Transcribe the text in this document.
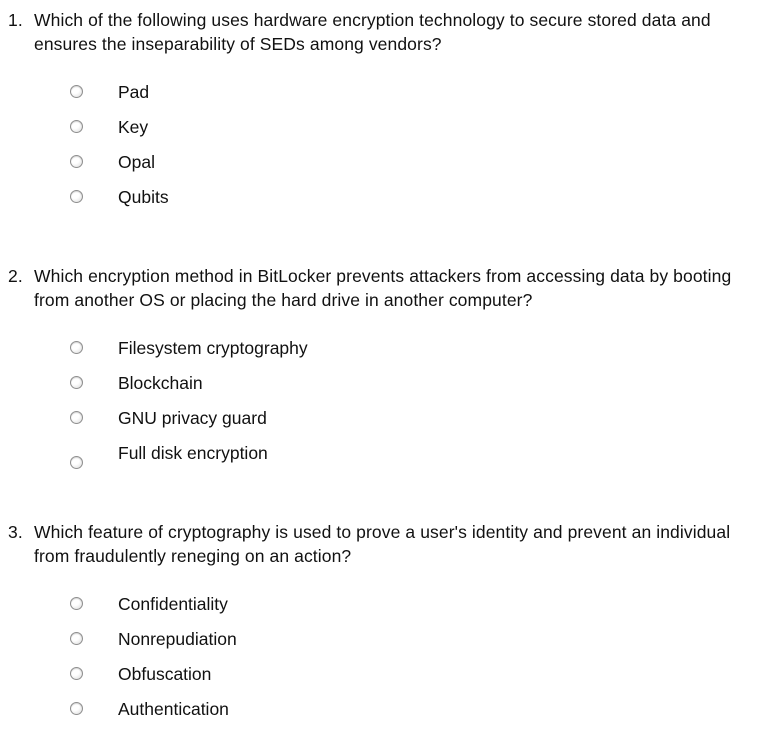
1. Which of the following uses hardware encryption technology to secure stored data and ensures the inseparability of SEDs among vendors?
Pad
Key
Opal
Qubits
2. Which encryption method in BitLocker prevents attackers from accessing data by booting from another OS or placing the hard drive in another computer?
Filesystem cryptography
Blockchain
GNU privacy guard
Full disk encryption
3. Which feature of cryptography is used to prove a user's identity and prevent an individual from fraudulently reneging on an action?
Confidentiality
Nonrepudiation
Obfuscation
Authentication
